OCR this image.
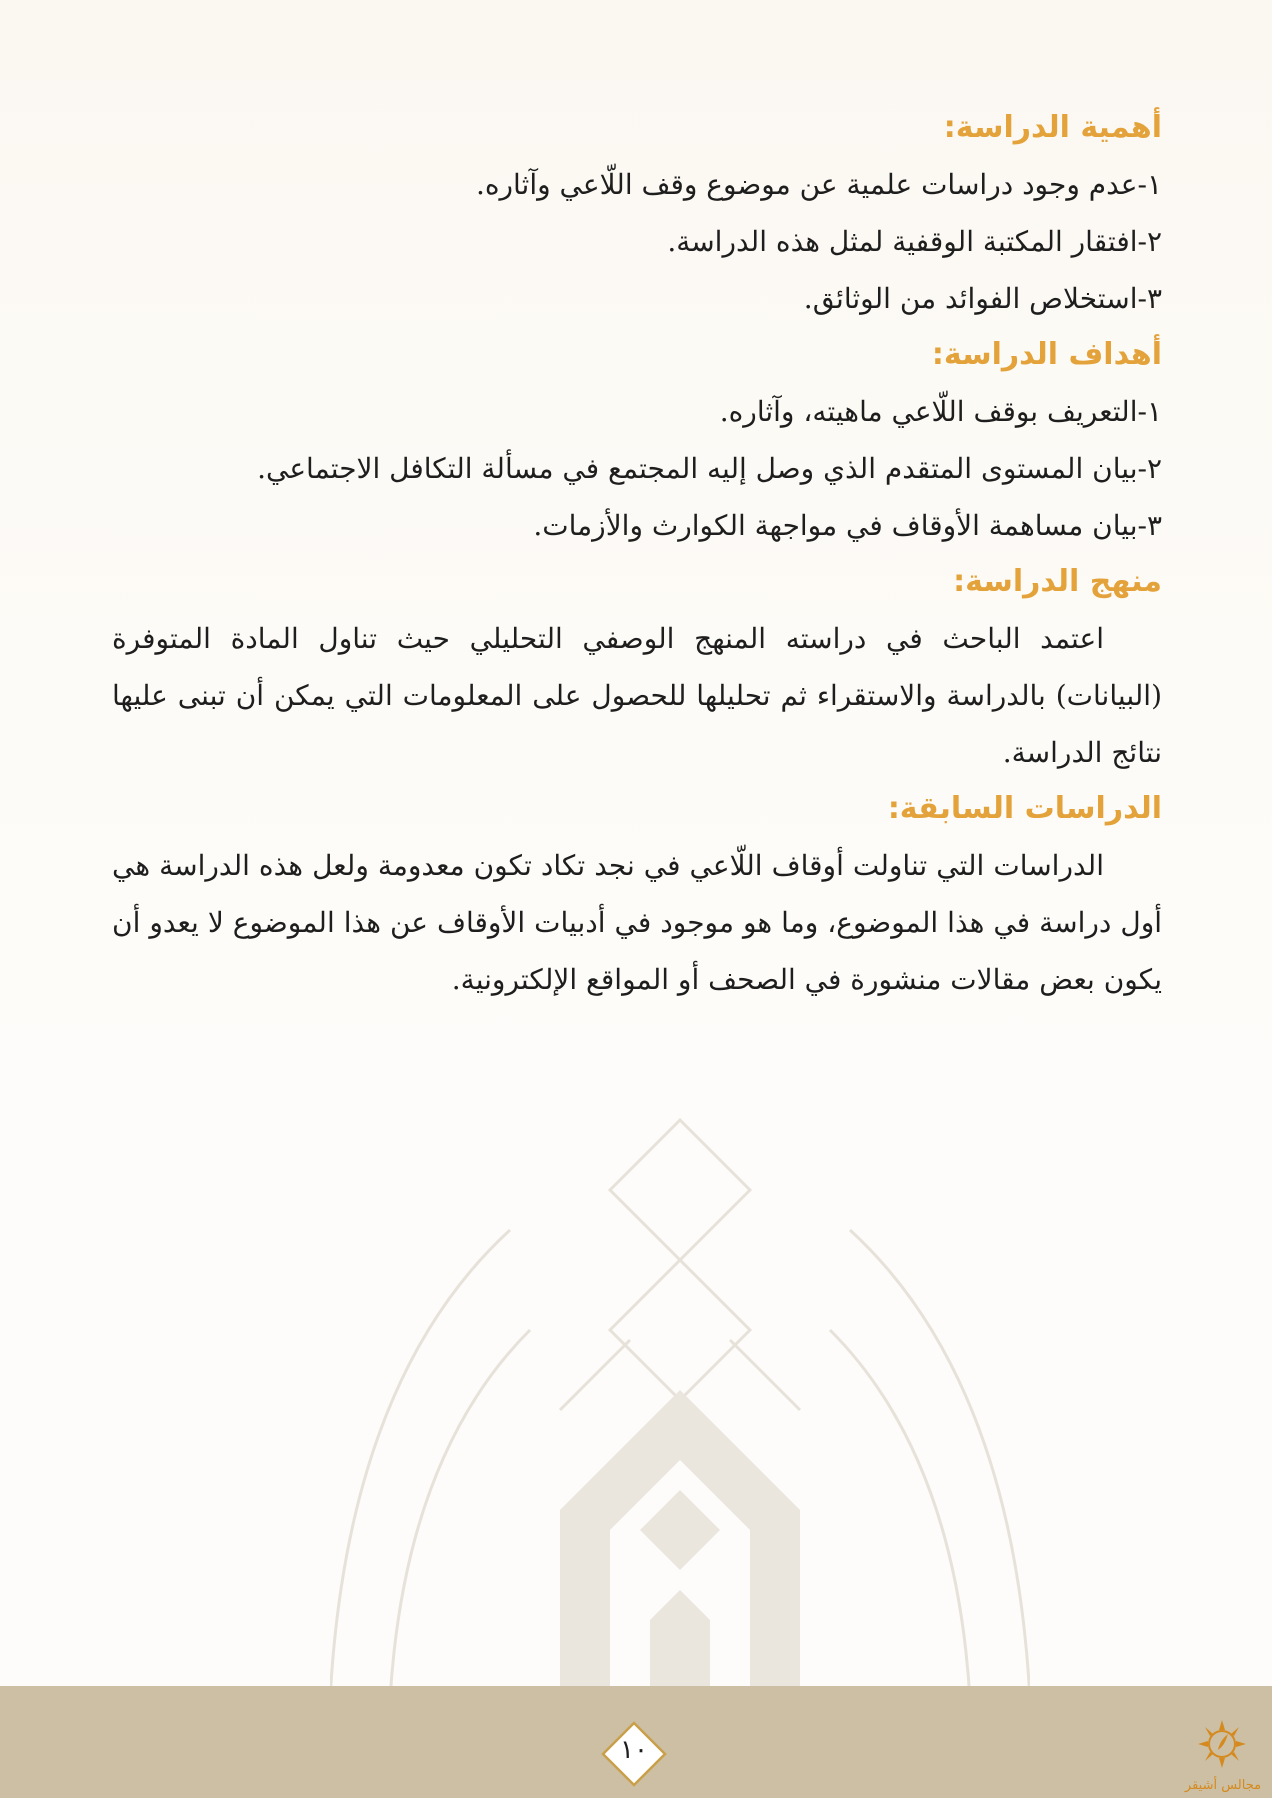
أهمية الدراسة:

١-عدم وجود دراسات علمية عن موضوع وقف اللّاعي وآثاره.

٢-افتقار المكتبة الوقفية لمثل هذه الدراسة.

٣-استخلاص الفوائد من الوثائق.

أهداف الدراسة:

١-التعريف بوقف اللّاعي ماهيته، وآثاره.

٢-بيان المستوى المتقدم الذي وصل إليه المجتمع في مسألة التكافل الاجتماعي.

٣-بيان مساهمة الأوقاف في مواجهة الكوارث والأزمات.

منهج الدراسة:

اعتمد الباحث في دراسته المنهج الوصفي التحليلي حيث تناول المادة المتوفرة (البيانات) بالدراسة والاستقراء ثم تحليلها للحصول على المعلومات التي يمكن أن تبنى عليها نتائج الدراسة.

الدراسات السابقة:

الدراسات التي تناولت أوقاف اللّاعي في نجد تكاد تكون معدومة ولعل هذه الدراسة هي أول دراسة في هذا الموضوع، وما هو موجود في أدبيات الأوقاف عن هذا الموضوع لا يعدو أن يكون بعض مقالات منشورة في الصحف أو المواقع الإلكترونية.

١٠
مجالس أشيقر
